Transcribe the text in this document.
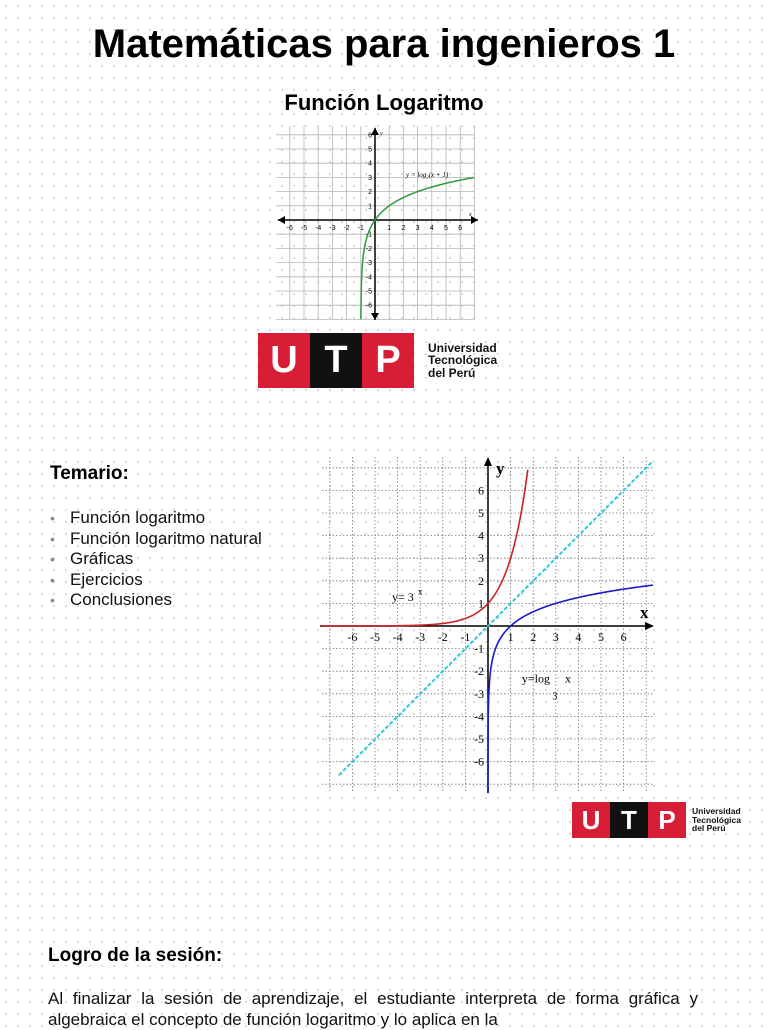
Matemáticas para ingenieros 1
Función Logaritmo
-6 -5 -4 -3 -2 -1	1 2 3 4 5 6
6
5
4
3
2
1
-1
-2
-3
-4
-5
-6
y = log₂(x + 1)
x
y
U T P	Universidad
Tecnológica
del Perú
Temario:
• Función logaritmo
• Función logaritmo natural
• Gráficas
• Ejercicios
• Conclusiones
-6 -5 -4 -3 -2 -1	1 2 3 4 5 6
6
5
4
3
2
1
-1
-2
-3
-4
-5
-6
x
y
y= 3 x
y=log
3
x
U T P	Universidad
Tecnológica
del Perú
Logro de la sesión:
Al finalizar la sesión de aprendizaje, el estudiante interpreta de forma gráfica y algebraica el concepto de función logaritmo y lo aplica en la
